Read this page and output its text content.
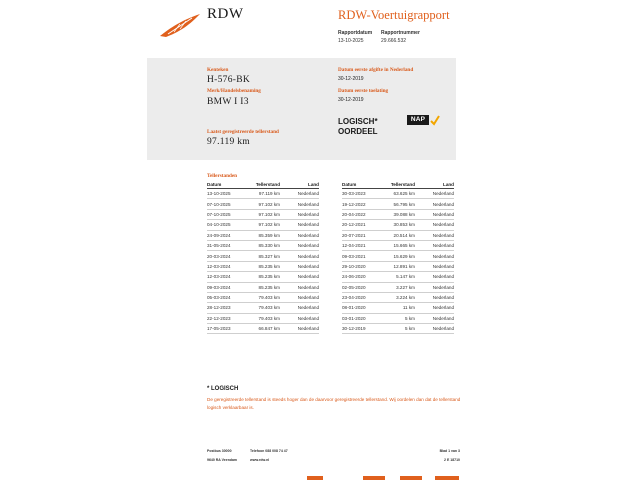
RDW	RDW-Voertuigrapport
Rapportdatum
13-10-2025
Rapportnummer
29.666.532
Kenteken
H-576-BK
Merk/Handelsbenaming
BMW I I3
Datum eerste afgifte in Nederland
30-12-2019
Datum eerste toelating
30-12-2019
LOGISCH*
OORDEEL
NAP
Laatst geregistreerde tellerstand
97.119 km
Tellerstanden
Datum	Tellerstand	Land
13-10-2025	97.119 km	Nederland
07-10-2025	97.102 km	Nederland
07-10-2025	97.102 km	Nederland
04-10-2025	97.102 km	Nederland
24-09-2024	85.359 km	Nederland
31-05-2024	85.330 km	Nederland
20-03-2024	85.327 km	Nederland
12-03-2024	85.235 km	Nederland
12-03-2024	85.235 km	Nederland
09-03-2024	85.235 km	Nederland
05-03-2024	79.403 km	Nederland
28-12-2023	79.403 km	Nederland
22-12-2023	79.403 km	Nederland
17-05-2023	66.847 km	Nederland
Datum	Tellerstand	Land
30-03-2023	63.625 km	Nederland
19-12-2022	56.795 km	Nederland
20-04-2022	39.088 km	Nederland
20-12-2021	30.853 km	Nederland
20-07-2021	20.514 km	Nederland
12-04-2021	15.665 km	Nederland
09-03-2021	15.629 km	Nederland
29-10-2020	12.891 km	Nederland
24-06-2020	5.147 km	Nederland
02-05-2020	3.227 km	Nederland
23-04-2020	3.224 km	Nederland
08-01-2020	11 km	Nederland
03-01-2020	5 km	Nederland
30-12-2019	5 km	Nederland
* LOGISCH
De geregistreerde tellerstand is steeds hoger dan de daarvoor geregistreerde tellerstand. Wij oordelen dan dat de tellerstand logisch verklaarbaar is.
Postbus 30000
9640 RA Veendam
Telefoon 088 008 74 47
www.rdw.nl
Blad 1 van 3
2 E 18710
